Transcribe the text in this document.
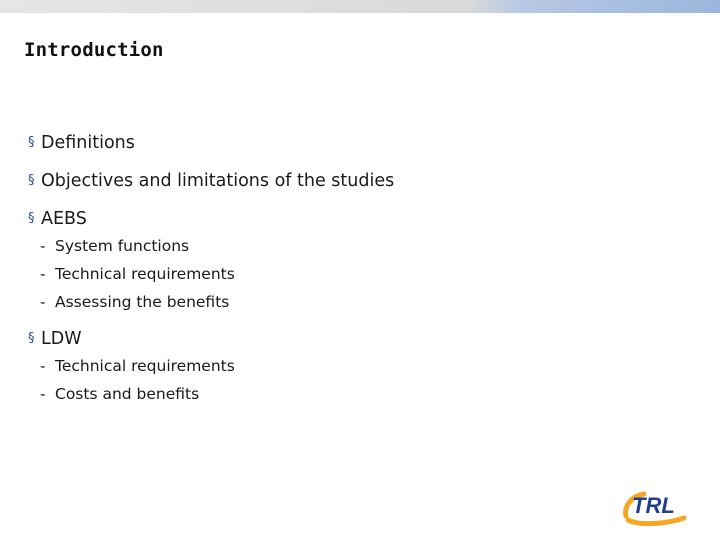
Introduction
§ Definitions
§ Objectives and limitations of the studies
§ AEBS
- System functions
- Technical requirements
- Assessing the benefits
§ LDW
- Technical requirements
- Costs and benefits
TRL
